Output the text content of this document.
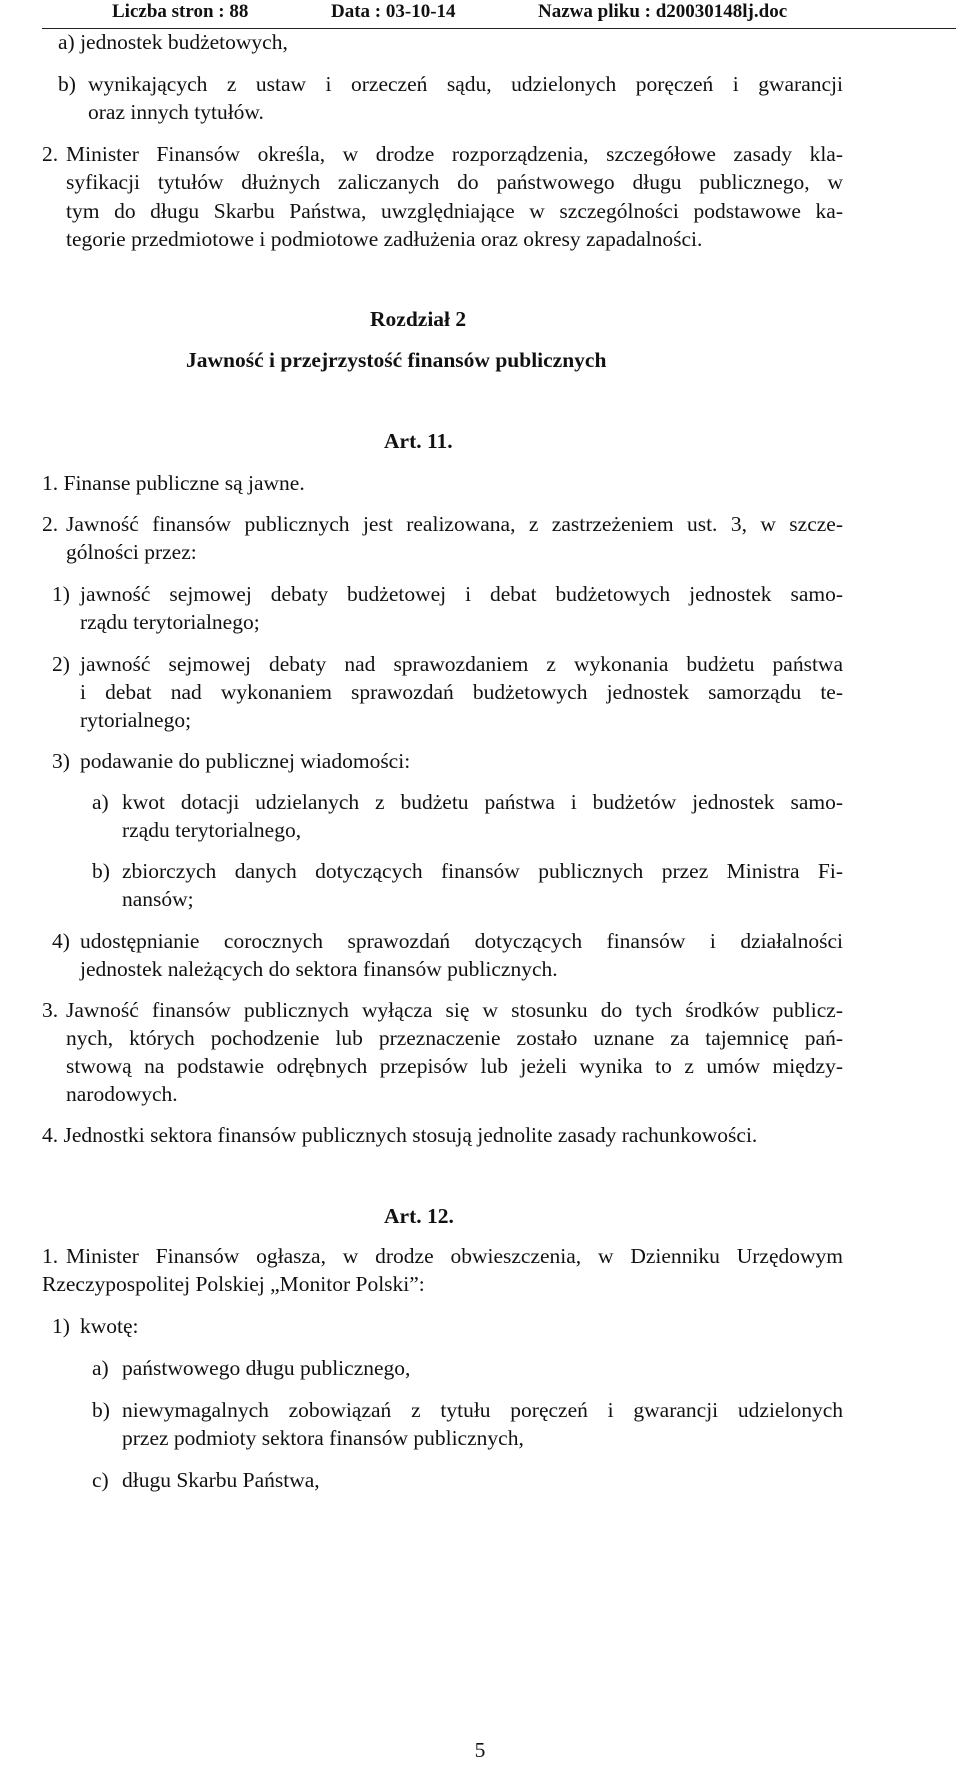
Liczba stron : 88	Data : 03-10-14	Nazwa pliku : d20030148lj.doc
a) jednostek budżetowych,
b) wynikających z ustaw i orzeczeń sądu, udzielonych poręczeń i gwarancji
oraz innych tytułów.
2. Minister Finansów określa, w drodze rozporządzenia, szczegółowe zasady kla-
syfikacji tytułów dłużnych zaliczanych do państwowego długu publicznego, w
tym do długu Skarbu Państwa, uwzględniające w szczególności podstawowe ka-
tegorie przedmiotowe i podmiotowe zadłużenia oraz okresy zapadalności.
Rozdział 2
Jawność i przejrzystość finansów publicznych
Art. 11.
1. Finanse publiczne są jawne.
2. Jawność finansów publicznych jest realizowana, z zastrzeżeniem ust. 3, w szcze-
gólności przez:
1) jawność sejmowej debaty budżetowej i debat budżetowych jednostek samo-
rządu terytorialnego;
2) jawność sejmowej debaty nad sprawozdaniem z wykonania budżetu państwa
i debat nad wykonaniem sprawozdań budżetowych jednostek samorządu te-
rytorialnego;
3) podawanie do publicznej wiadomości:
a) kwot dotacji udzielanych z budżetu państwa i budżetów jednostek samo-
rządu terytorialnego,
b) zbiorczych danych dotyczących finansów publicznych przez Ministra Fi-
nansów;
4) udostępnianie corocznych sprawozdań dotyczących finansów i działalności
jednostek należących do sektora finansów publicznych.
3. Jawność finansów publicznych wyłącza się w stosunku do tych środków publicz-
nych, których pochodzenie lub przeznaczenie zostało uznane za tajemnicę pań-
stwową na podstawie odrębnych przepisów lub jeżeli wynika to z umów między-
narodowych.
4. Jednostki sektora finansów publicznych stosują jednolite zasady rachunkowości.
Art. 12.
1. Minister Finansów ogłasza, w drodze obwieszczenia, w Dzienniku Urzędowym
Rzeczypospolitej Polskiej „Monitor Polski”:
1) kwotę:
a) państwowego długu publicznego,
b) niewymagalnych zobowiązań z tytułu poręczeń i gwarancji udzielonych
przez podmioty sektora finansów publicznych,
c) długu Skarbu Państwa,
5
